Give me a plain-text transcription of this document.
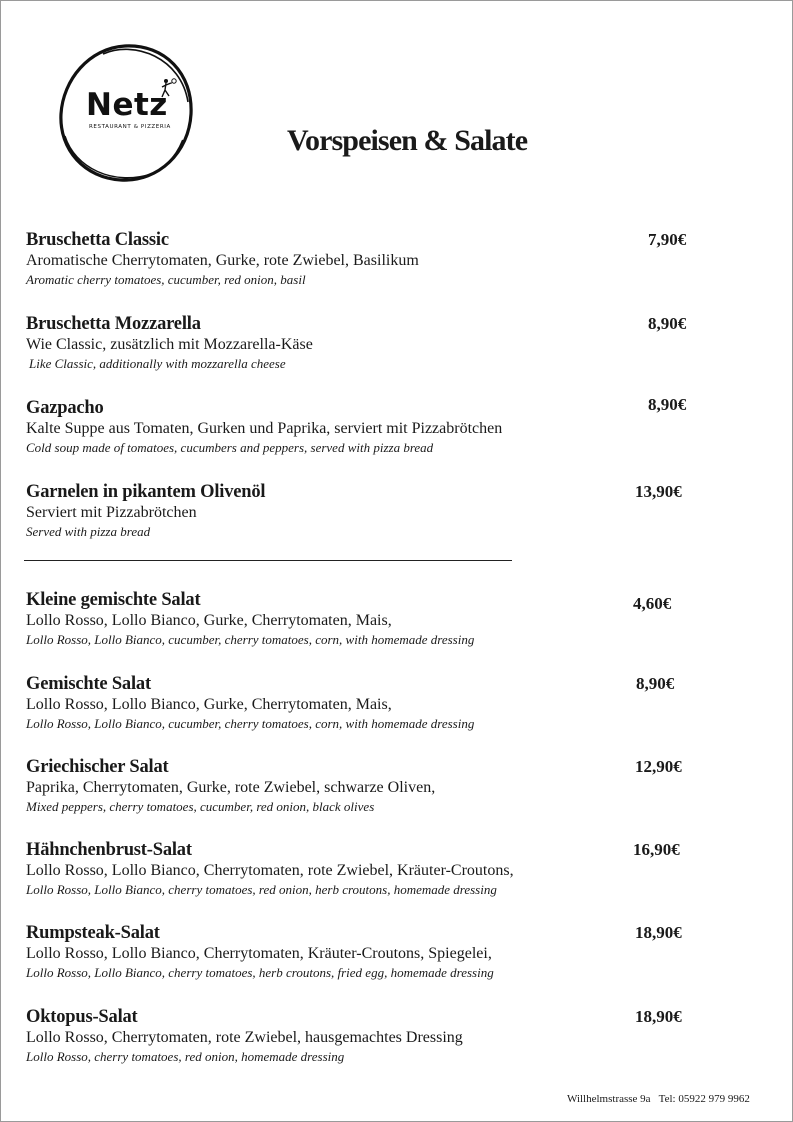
Netz
RESTAURANT & PIZZERIA	Vorspeisen & Salate
Bruschetta Classic
Aromatische Cherrytomaten, Gurke, rote Zwiebel, Basilikum
Aromatic cherry tomatoes, cucumber, red onion, basil
7,90€
Bruschetta Mozzarella
Wie Classic, zusätzlich mit Mozzarella-Käse
Like Classic, additionally with mozzarella cheese
8,90€
Gazpacho
Kalte Suppe aus Tomaten, Gurken und Paprika, serviert mit Pizzabrötchen
Cold soup made of tomatoes, cucumbers and peppers, served with pizza bread
8,90€
Garnelen in pikantem Olivenöl
Serviert mit Pizzabrötchen
Served with pizza bread
13,90€
Kleine gemischte Salat
Lollo Rosso, Lollo Bianco, Gurke, Cherrytomaten, Mais,
Lollo Rosso, Lollo Bianco, cucumber, cherry tomatoes, corn, with homemade dressing
4,60€
Gemischte Salat
Lollo Rosso, Lollo Bianco, Gurke, Cherrytomaten, Mais,
Lollo Rosso, Lollo Bianco, cucumber, cherry tomatoes, corn, with homemade dressing
8,90€
Griechischer Salat
Paprika, Cherrytomaten, Gurke, rote Zwiebel, schwarze Oliven,
Mixed peppers, cherry tomatoes, cucumber, red onion, black olives
12,90€
Hähnchenbrust-Salat
Lollo Rosso, Lollo Bianco, Cherrytomaten, rote Zwiebel, Kräuter-Croutons,
Lollo Rosso, Lollo Bianco, cherry tomatoes, red onion, herb croutons, homemade dressing
16,90€
Rumpsteak-Salat
Lollo Rosso, Lollo Bianco, Cherrytomaten, Kräuter-Croutons, Spiegelei,
Lollo Rosso, Lollo Bianco, cherry tomatoes, herb croutons, fried egg, homemade dressing
18,90€
Oktopus-Salat
Lollo Rosso, Cherrytomaten, rote Zwiebel, hausgemachtes Dressing
Lollo Rosso, cherry tomatoes, red onion, homemade dressing
18,90€
Willhelmstrasse 9a Tel: 05922 979 9962
